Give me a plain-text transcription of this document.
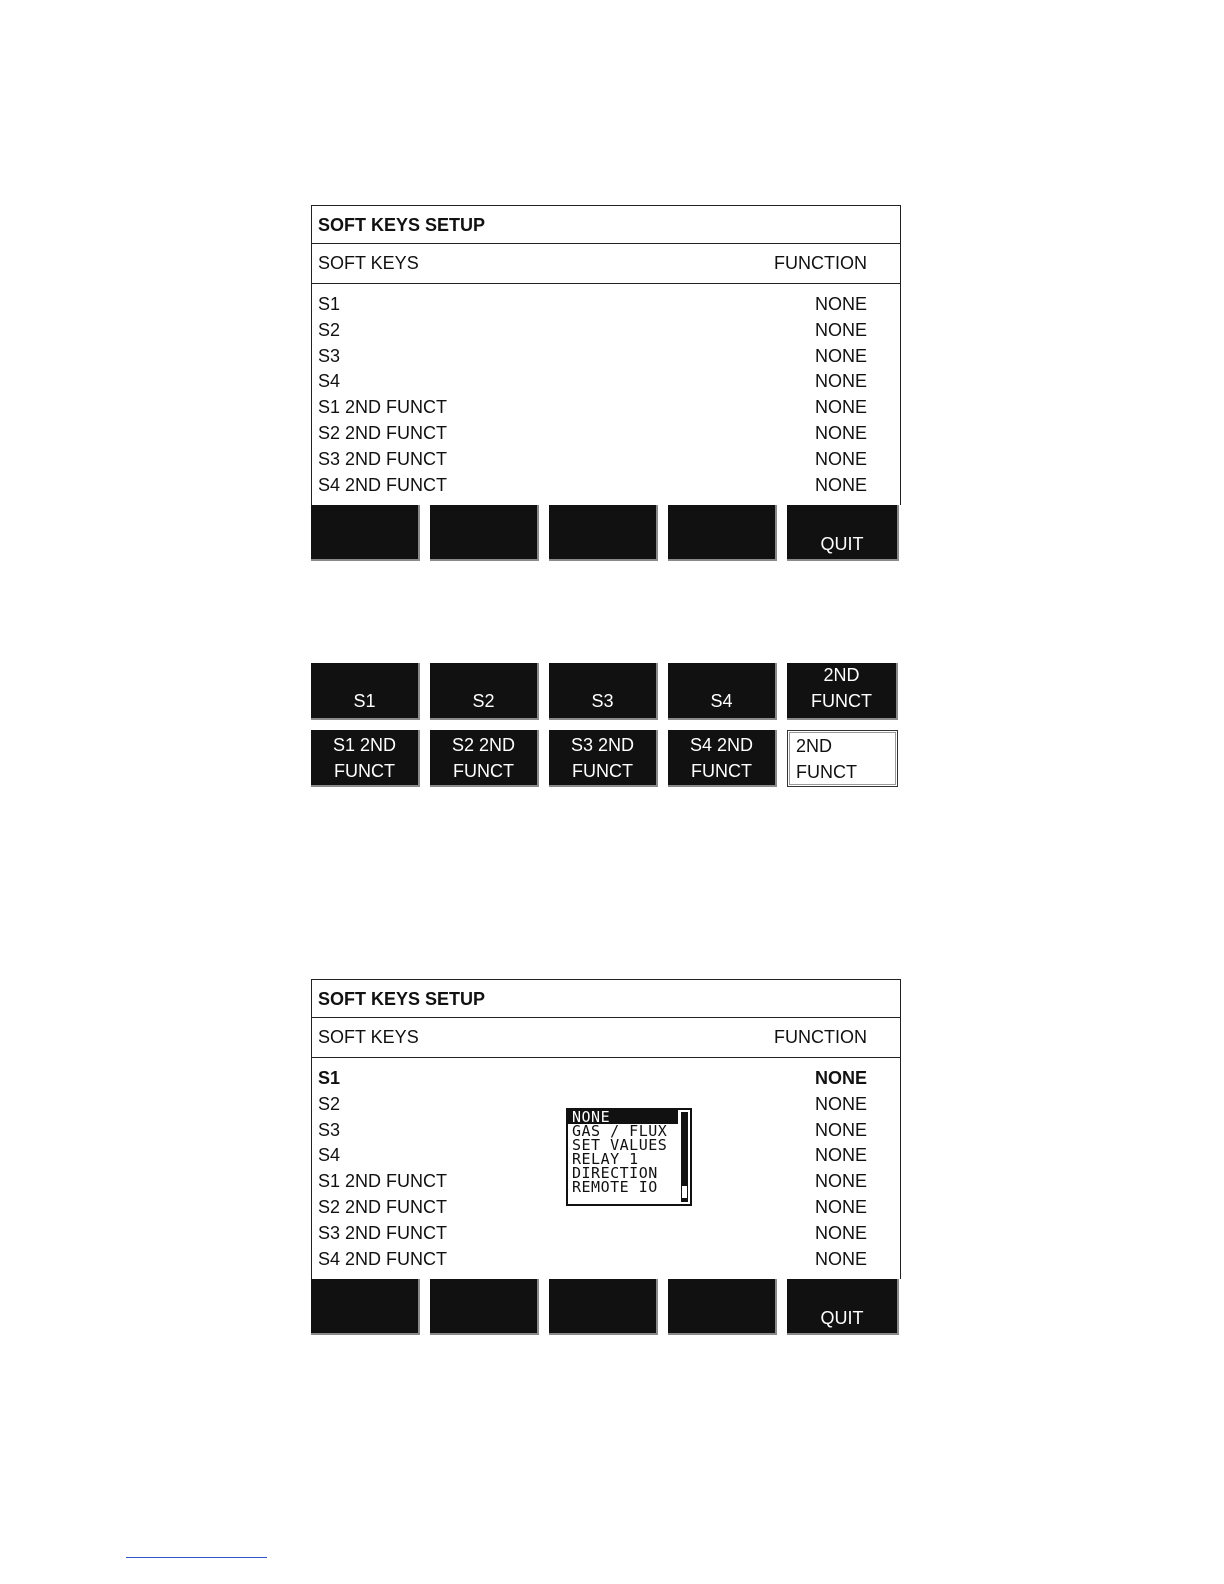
SOFT KEYS SETUP
SOFT KEYS	FUNCTION
S1	NONE
S2	NONE
S3	NONE
S4	NONE
S1 2ND FUNCT	NONE
S2 2ND FUNCT	NONE
S3 2ND FUNCT	NONE
S4 2ND FUNCT	NONE
QUIT
S1	S2	S3	S4
2ND
FUNCT
S1 2ND
FUNCT
S2 2ND
FUNCT
S3 2ND
FUNCT
S4 2ND
FUNCT
2ND
FUNCT
SOFT KEYS SETUP
SOFT KEYS	FUNCTION
S1	NONE
S2	NONE
S3	NONE
S4	NONE
S1 2ND FUNCT	NONE
S2 2ND FUNCT	NONE
S3 2ND FUNCT	NONE
S4 2ND FUNCT	NONE
QUIT
NONE
GAS / FLUX
SET VALUES
RELAY 1
DIRECTION
REMOTE IO
